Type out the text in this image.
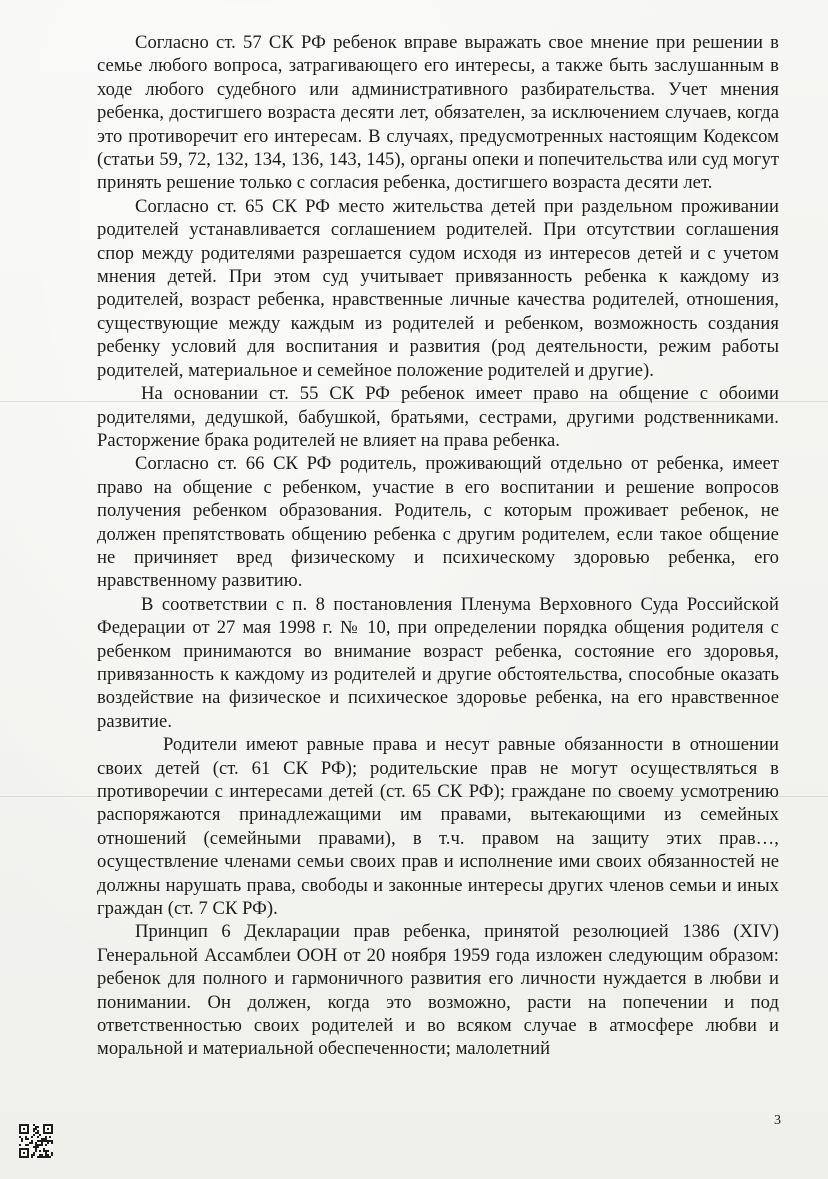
Согласно ст. 57 СК РФ ребенок вправе выражать свое мнение при решении в семье любого вопроса, затрагивающего его интересы, а также быть заслушанным в ходе любого судебного или административного разбирательства. Учет мнения ребенка, достигшего возраста десяти лет, обязателен, за исключением случаев, когда это противоречит его интересам. В случаях, предусмотренных настоящим Кодексом (статьи 59, 72, 132, 134, 136, 143, 145), органы опеки и попечительства или суд могут принять решение только с согласия ребенка, достигшего возраста десяти лет.

Согласно ст. 65 СК РФ место жительства детей при раздельном проживании родителей устанавливается соглашением родителей. При отсутствии соглашения спор между родителями разрешается судом исходя из интересов детей и с учетом мнения детей. При этом суд учитывает привязанность ребенка к каждому из родителей, возраст ребенка, нравственные личные качества родителей, отношения, существующие между каждым из родителей и ребенком, возможность создания ребенку условий для воспитания и развития (род деятельности, режим работы родителей, материальное и семейное положение родителей и другие).

На основании ст. 55 СК РФ ребенок имеет право на общение с обоими родителями, дедушкой, бабушкой, братьями, сестрами, другими родственниками. Расторжение брака родителей не влияет на права ребенка.

Согласно ст. 66 СК РФ родитель, проживающий отдельно от ребенка, имеет право на общение с ребенком, участие в его воспитании и решение вопросов получения ребенком образования. Родитель, с которым проживает ребенок, не должен препятствовать общению ребенка с другим родителем, если такое общение не причиняет вред физическому и психическому здоровью ребенка, его нравственному развитию.

В соответствии с п. 8 постановления Пленума Верховного Суда Российской Федерации от 27 мая 1998 г. № 10, при определении порядка общения родителя с ребенком принимаются во внимание возраст ребенка, состояние его здоровья, привязанность к каждому из родителей и другие обстоятельства, способные оказать воздействие на физическое и психическое здоровье ребенка, на его нравственное развитие.

Родители имеют равные права и несут равные обязанности в отношении своих детей (ст. 61 СК РФ); родительские прав не могут осуществляться в противоречии с интересами детей (ст. 65 СК РФ); граждане по своему усмотрению распоряжаются принадлежащими им правами, вытекающими из семейных отношений (семейными правами), в т.ч. правом на защиту этих прав…, осуществление членами семьи своих прав и исполнение ими своих обязанностей не должны нарушать права, свободы и законные интересы других членов семьи и иных граждан (ст. 7 СК РФ).

Принцип 6 Декларации прав ребенка, принятой резолюцией 1386 (XIV) Генеральной Ассамблеи ООН от 20 ноября 1959 года изложен следующим образом: ребенок для полного и гармоничного развития его личности нуждается в любви и понимании. Он должен, когда это возможно, расти на попечении и под ответственностью своих родителей и во всяком случае в атмосфере любви и моральной и материальной обеспеченности; малолетний

3
